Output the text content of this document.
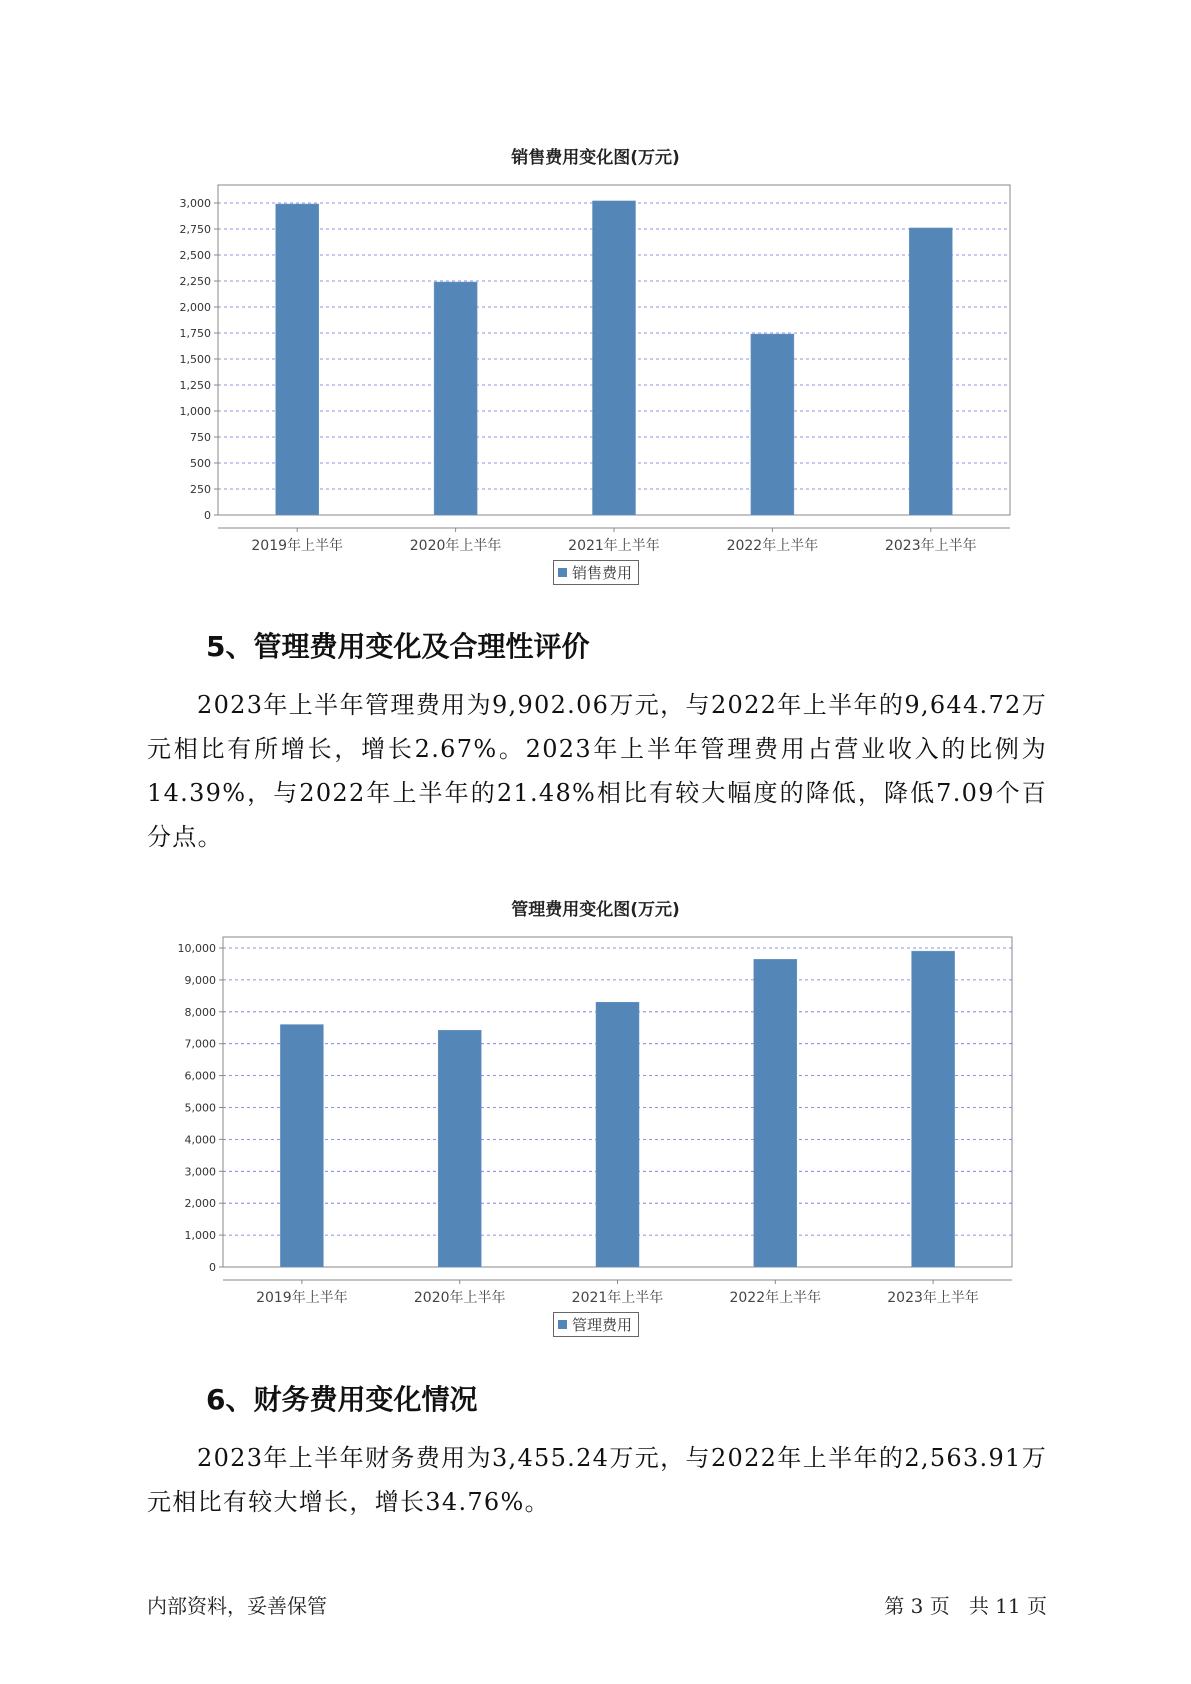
销售费用变化图(万元)
0
250
500
750
1,000
1,250
1,500
1,750
2,000
2,250
2,500
2,750
3,000
2019年上半年	2020年上半年	2021年上半年	2022年上半年	2023年上半年
销售费用
5、管理费用变化及合理性评价

2023年上半年管理费用为9,902.06万元，与2022年上半年的9,644.72万元相比有所增长，增长2.67%。2023年上半年管理费用占营业收入的比例为14.39%，与2022年上半年的21.48%相比有较大幅度的降低，降低7.09个百分点。

管理费用变化图(万元)
0
1,000
2,000
3,000
4,000
5,000
6,000
7,000
8,000
9,000
10,000
2019年上半年	2020年上半年	2021年上半年	2022年上半年	2023年上半年
管理费用
6、财务费用变化情况

2023年上半年财务费用为3,455.24万元，与2022年上半年的2,563.91万元相比有较大增长，增长34.76%。

内部资料，妥善保管	第 3 页   共 11 页
